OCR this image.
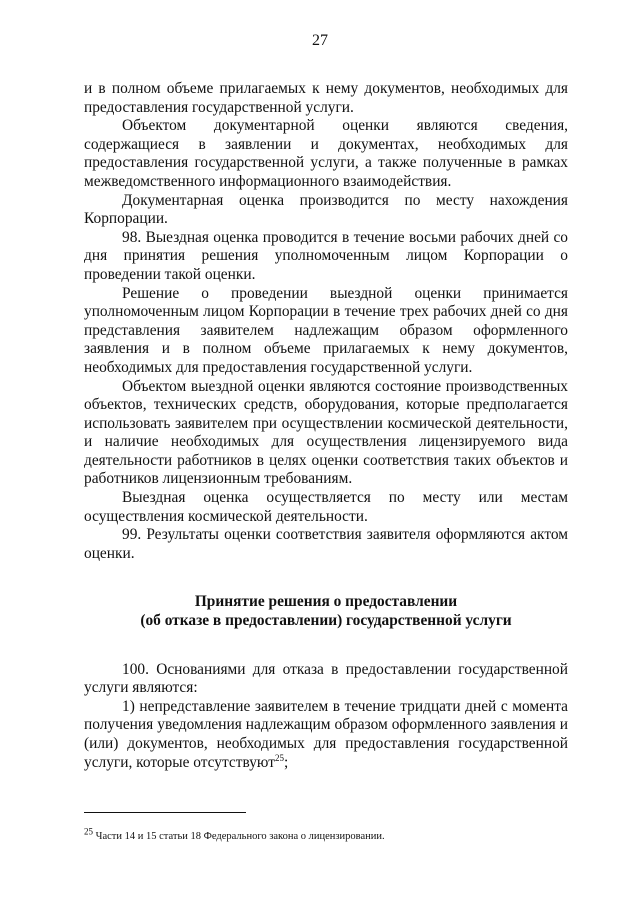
27

и в полном объеме прилагаемых к нему документов, необходимых для предоставления государственной услуги.

Объектом документарной оценки являются сведения, содержащиеся в заявлении и документах, необходимых для предоставления государственной услуги, а также полученные в рамках межведомственного информационного взаимодействия.

Документарная оценка производится по месту нахождения Корпорации.

98. Выездная оценка проводится в течение восьми рабочих дней со дня принятия решения уполномоченным лицом Корпорации о проведении такой оценки.

Решение о проведении выездной оценки принимается уполномоченным лицом Корпорации в течение трех рабочих дней со дня представления заявителем надлежащим образом оформленного заявления и в полном объеме прилагаемых к нему документов, необходимых для предоставления государственной услуги.

Объектом выездной оценки являются состояние производственных объектов, технических средств, оборудования, которые предполагается использовать заявителем при осуществлении космической деятельности, и наличие необходимых для осуществления лицензируемого вида деятельности работников в целях оценки соответствия таких объектов и работников лицензионным требованиям.

Выездная оценка осуществляется по месту или местам осуществления космической деятельности.

99. Результаты оценки соответствия заявителя оформляются актом оценки.

Принятие решения о предоставлении
(об отказе в предоставлении) государственной услуги

100. Основаниями для отказа в предоставлении государственной услуги являются:

1) непредставление заявителем в течение тридцати дней с момента получения уведомления надлежащим образом оформленного заявления и (или) документов, необходимых для предоставления государственной услуги, которые отсутствуют$^{25}$;

$^{25}$ Части 14 и 15 статьи 18 Федерального закона о лицензировании.
